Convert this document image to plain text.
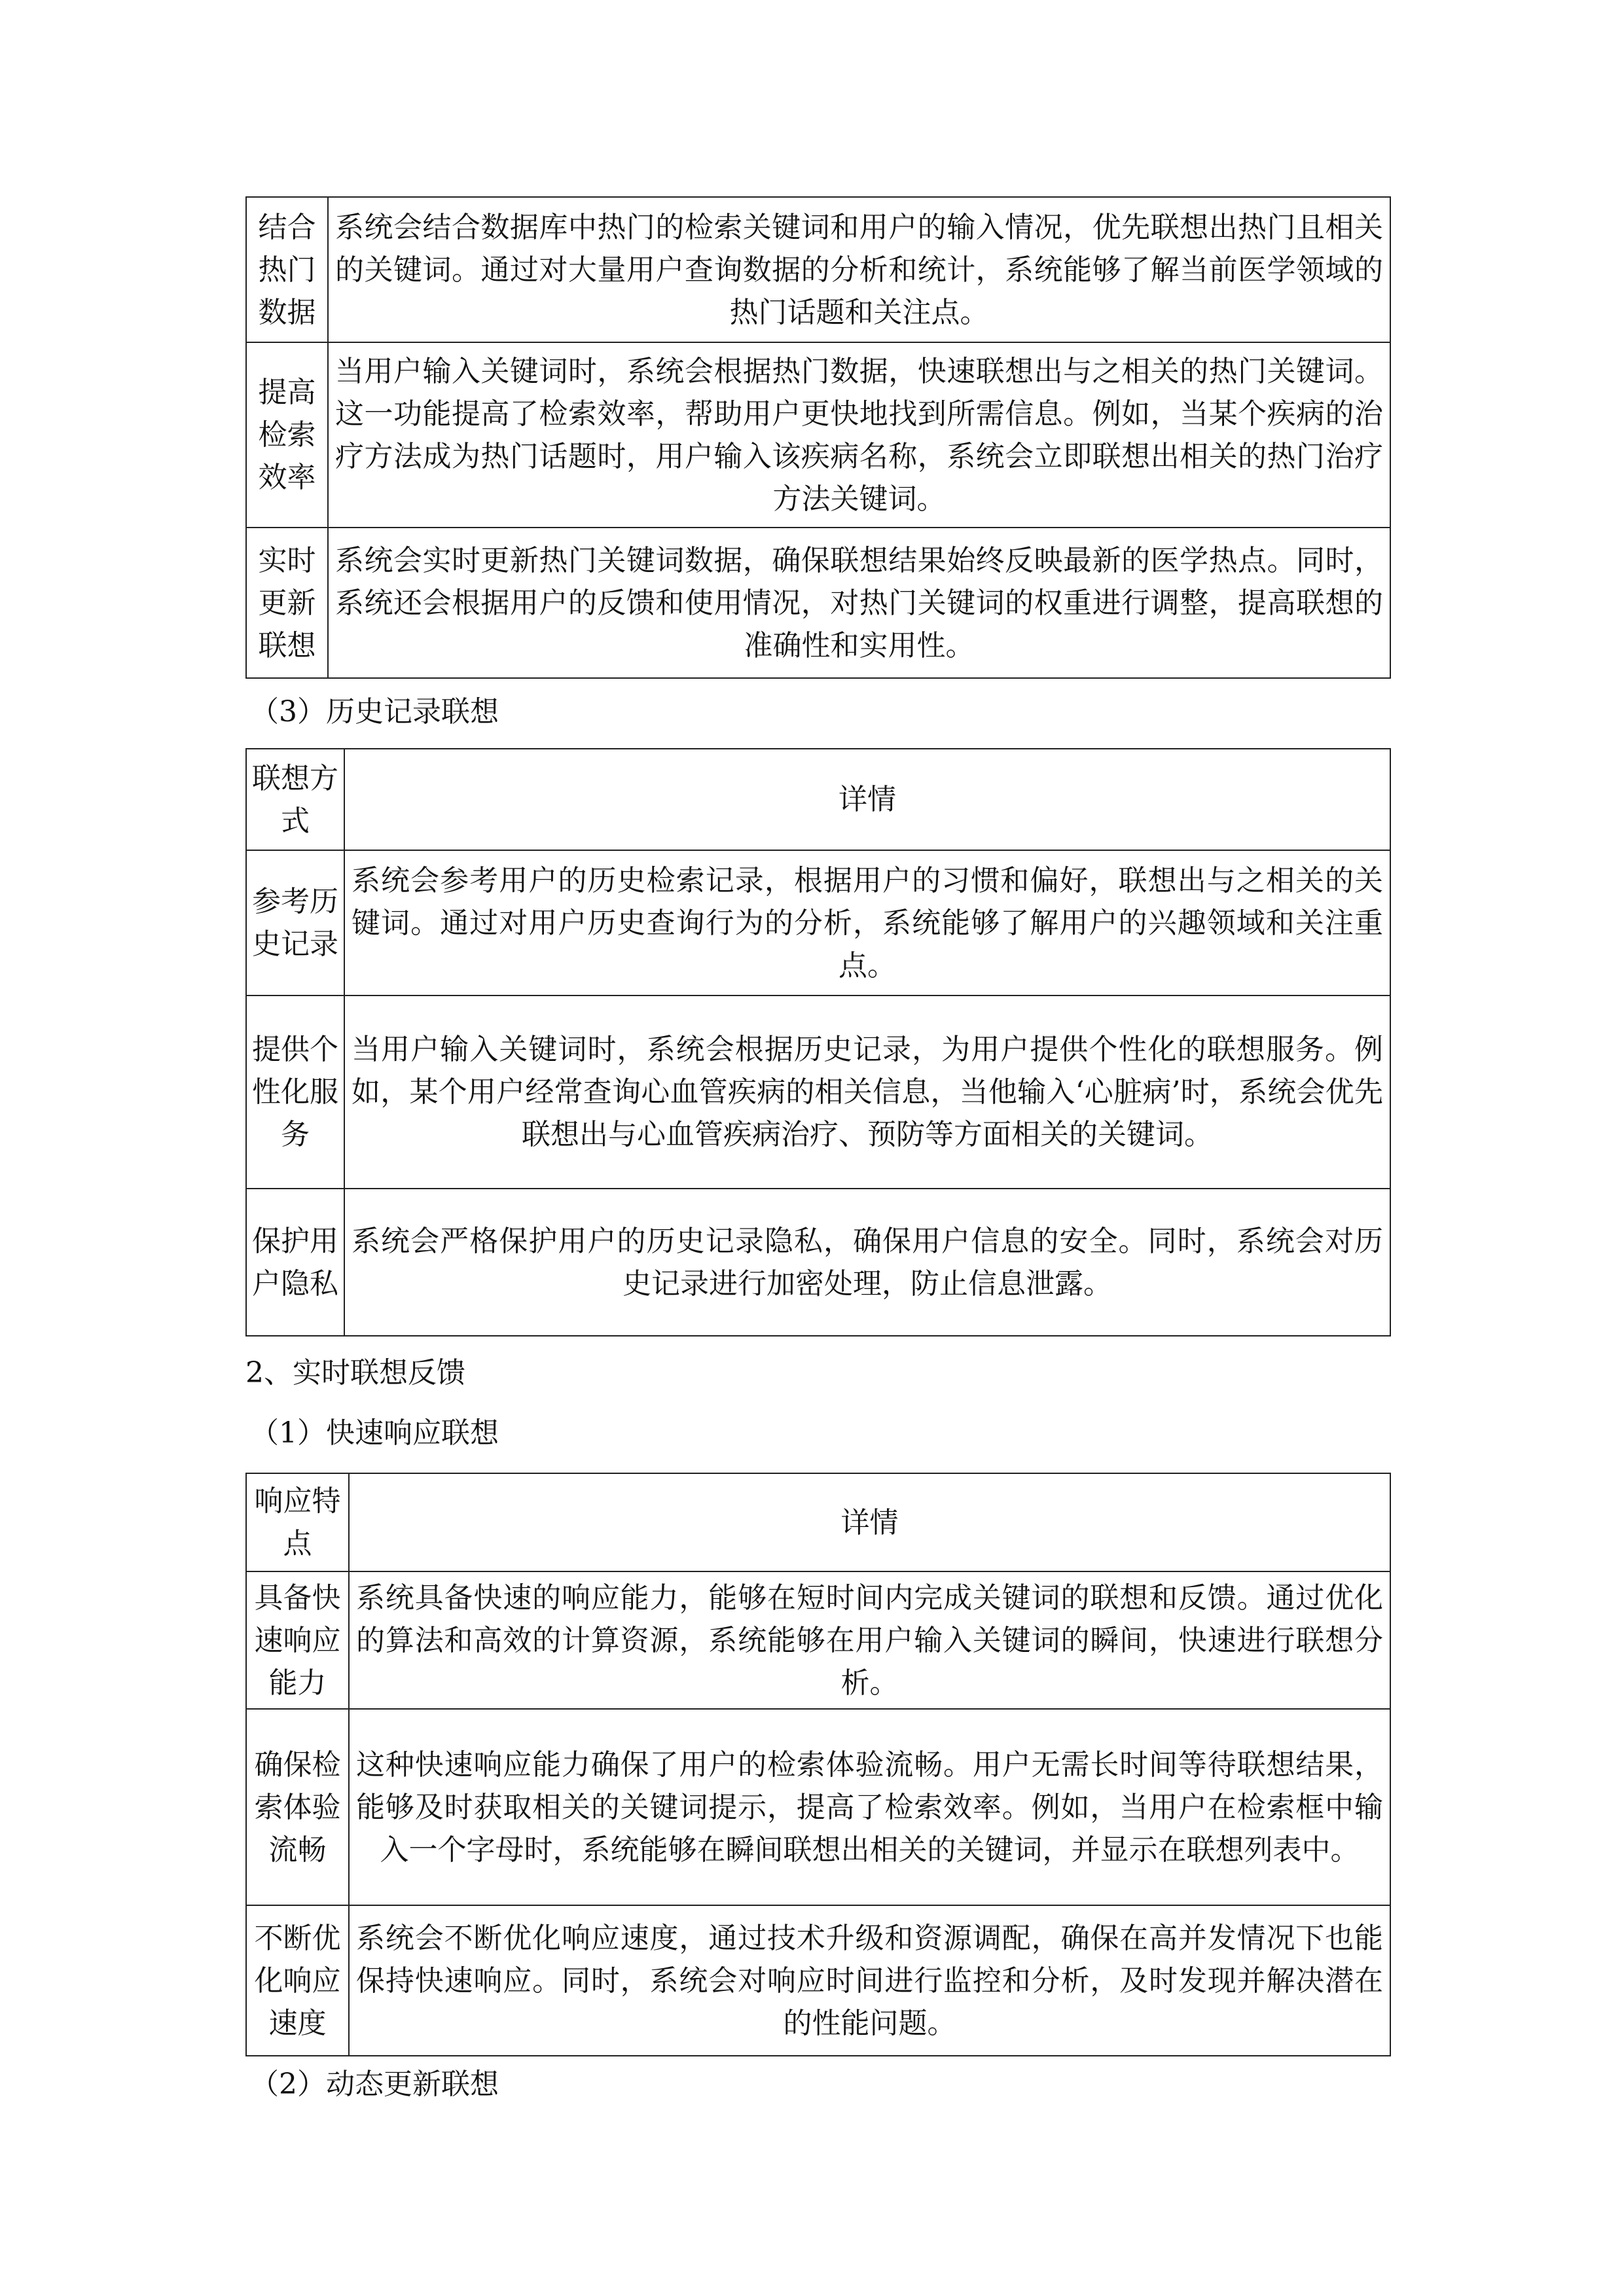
结合热门数据	系统会结合数据库中热门的检索关键词和用户的输入情况，优先联想出热门且相关的关键词。通过对大量用户查询数据的分析和统计，系统能够了解当前医学领域的热门话题和关注点。
提高检索效率	当用户输入关键词时，系统会根据热门数据，快速联想出与之相关的热门关键词。这一功能提高了检索效率，帮助用户更快地找到所需信息。例如，当某个疾病的治疗方法成为热门话题时，用户输入该疾病名称，系统会立即联想出相关的热门治疗方法关键词。
实时更新联想	系统会实时更新热门关键词数据，确保联想结果始终反映最新的医学热点。同时，系统还会根据用户的反馈和使用情况，对热门关键词的权重进行调整，提高联想的准确性和实用性。
（3）历史记录联想
联想方式	详情
参考历史记录	系统会参考用户的历史检索记录，根据用户的习惯和偏好，联想出与之相关的关键词。通过对用户历史查询行为的分析，系统能够了解用户的兴趣领域和关注重点。
提供个性化服务	当用户输入关键词时，系统会根据历史记录，为用户提供个性化的联想服务。例如，某个用户经常查询心血管疾病的相关信息，当他输入‘心脏病’时，系统会优先联想出与心血管疾病治疗、预防等方面相关的关键词。
保护用户隐私	系统会严格保护用户的历史记录隐私，确保用户信息的安全。同时，系统会对历史记录进行加密处理，防止信息泄露。
2、实时联想反馈
（1）快速响应联想
响应特点	详情
具备快速响应能力	系统具备快速的响应能力，能够在短时间内完成关键词的联想和反馈。通过优化的算法和高效的计算资源，系统能够在用户输入关键词的瞬间，快速进行联想分析。
确保检索体验流畅	这种快速响应能力确保了用户的检索体验流畅。用户无需长时间等待联想结果，能够及时获取相关的关键词提示，提高了检索效率。例如，当用户在检索框中输入一个字母时，系统能够在瞬间联想出相关的关键词，并显示在联想列表中。
不断优化响应速度	系统会不断优化响应速度，通过技术升级和资源调配，确保在高并发情况下也能保持快速响应。同时，系统会对响应时间进行监控和分析，及时发现并解决潜在的性能问题。
（2）动态更新联想
